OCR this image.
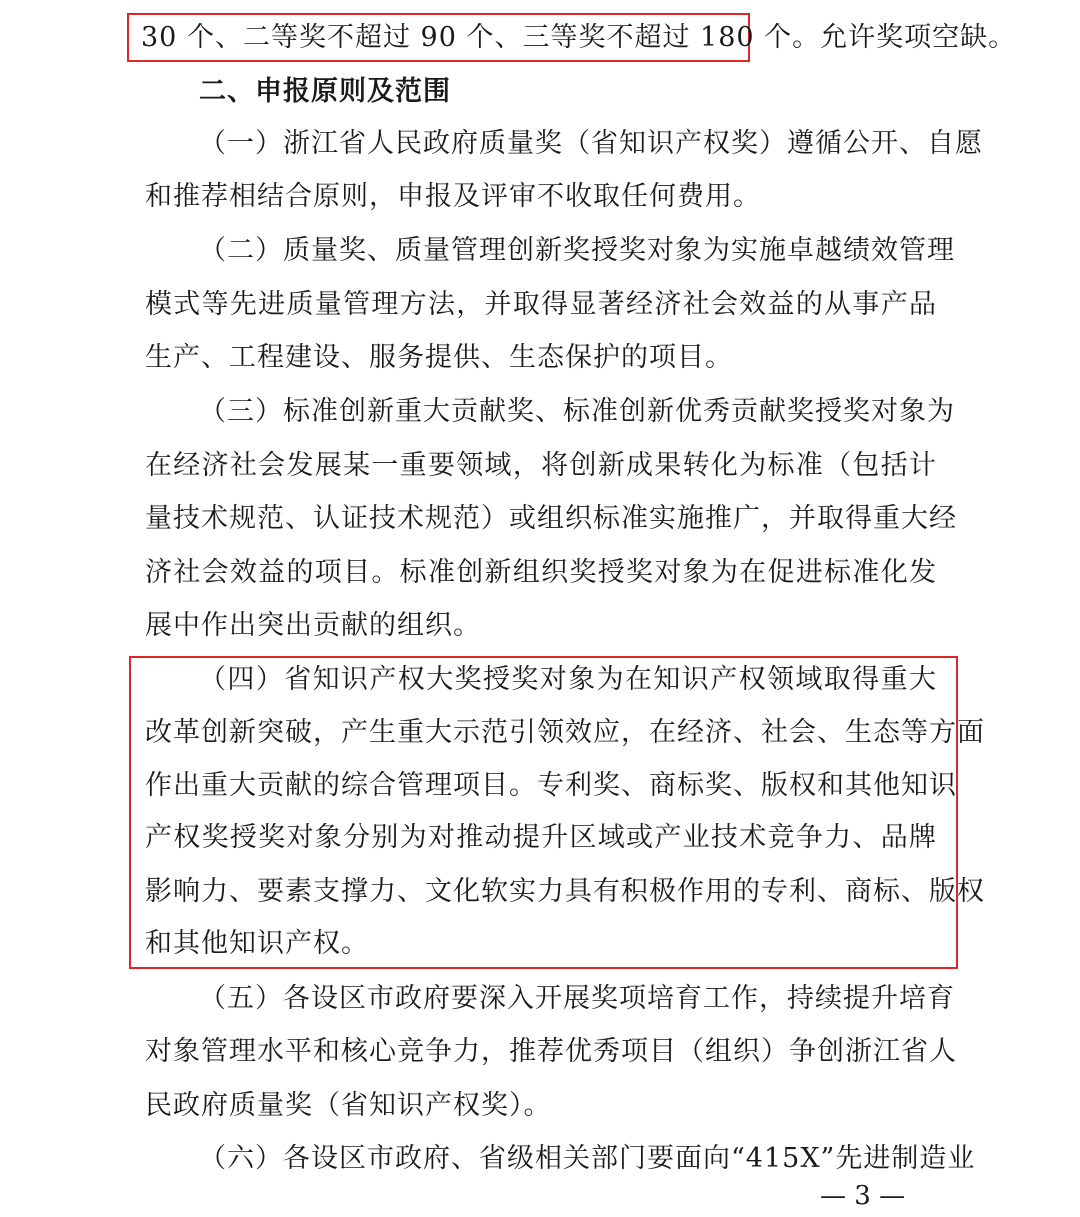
30 个、二等奖不超过 90 个、三等奖不超过 180 个。允许奖项空缺。
二、申报原则及范围
（一）浙江省人民政府质量奖（省知识产权奖）遵循公开、自愿
和推荐相结合原则，申报及评审不收取任何费用。
（二）质量奖、质量管理创新奖授奖对象为实施卓越绩效管理
模式等先进质量管理方法，并取得显著经济社会效益的从事产品
生产、工程建设、服务提供、生态保护的项目。
（三）标准创新重大贡献奖、标准创新优秀贡献奖授奖对象为
在经济社会发展某一重要领域，将创新成果转化为标准（包括计
量技术规范、认证技术规范）或组织标准实施推广，并取得重大经
济社会效益的项目。标准创新组织奖授奖对象为在促进标准化发
展中作出突出贡献的组织。
（四）省知识产权大奖授奖对象为在知识产权领域取得重大
改革创新突破，产生重大示范引领效应，在经济、社会、生态等方面
作出重大贡献的综合管理项目。专利奖、商标奖、版权和其他知识
产权奖授奖对象分别为对推动提升区域或产业技术竞争力、品牌
影响力、要素支撑力、文化软实力具有积极作用的专利、商标、版权
和其他知识产权。
（五）各设区市政府要深入开展奖项培育工作，持续提升培育
对象管理水平和核心竞争力，推荐优秀项目（组织）争创浙江省人
民政府质量奖（省知识产权奖）。
（六）各设区市政府、省级相关部门要面向“415X”先进制造业
— 3 —
